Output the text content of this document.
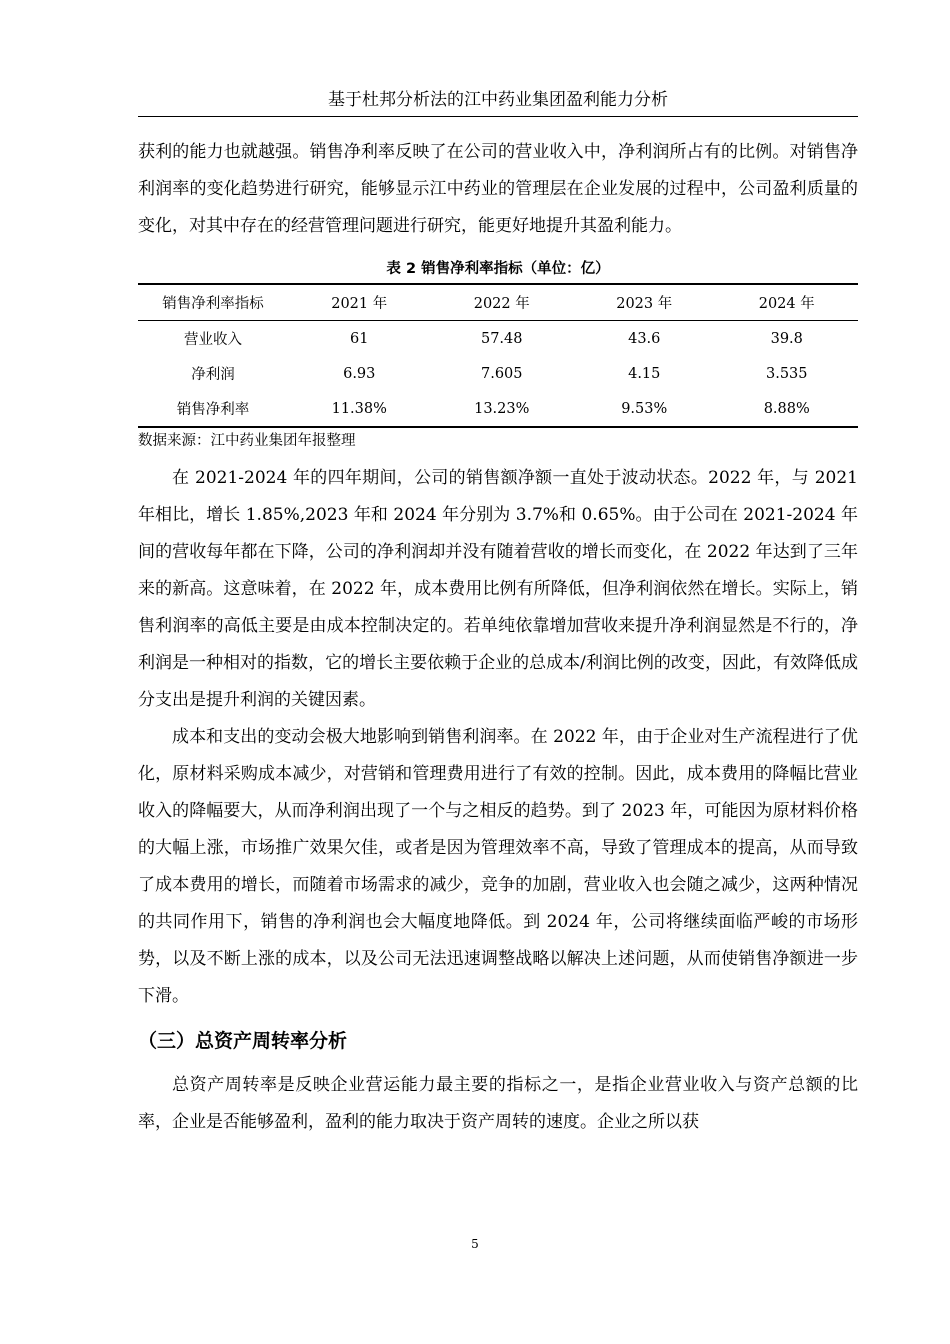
基于杜邦分析法的江中药业集团盈利能力分析

获利的能力也就越强。销售净利率反映了在公司的营业收入中，净利润所占有的比例。对销售净利润率的变化趋势进行研究，能够显示江中药业的管理层在企业发展的过程中，公司盈利质量的变化，对其中存在的经营管理问题进行研究，能更好地提升其盈利能力。

表 2 销售净利率指标（单位：亿）
销售净利率指标	2021 年	2022 年	2023 年	2024 年
营业收入	61	57.48	43.6	39.8
净利润	6.93	7.605	4.15	3.535
销售净利率	11.38%	13.23%	9.53%	8.88%
数据来源：江中药业集团年报整理

在 2021-2024 年的四年期间，公司的销售额净额一直处于波动状态。2022 年，与 2021 年相比，增长 1.85%,2023 年和 2024 年分别为 3.7%和 0.65%。由于公司在 2021-2024 年间的营收每年都在下降，公司的净利润却并没有随着营收的增长而变化，在 2022 年达到了三年来的新高。这意味着，在 2022 年，成本费用比例有所降低，但净利润依然在增长。实际上，销售利润率的高低主要是由成本控制决定的。若单纯依靠增加营收来提升净利润显然是不行的，净利润是一种相对的指数，它的增长主要依赖于企业的总成本/利润比例的改变，因此，有效降低成分支出是提升利润的关键因素。

成本和支出的变动会极大地影响到销售利润率。在 2022 年，由于企业对生产流程进行了优化，原材料采购成本减少，对营销和管理费用进行了有效的控制。因此，成本费用的降幅比营业收入的降幅要大，从而净利润出现了一个与之相反的趋势。到了 2023 年，可能因为原材料价格的大幅上涨，市场推广效果欠佳，或者是因为管理效率不高，导致了管理成本的提高，从而导致了成本费用的增长，而随着市场需求的减少，竞争的加剧，营业收入也会随之减少，这两种情况的共同作用下，销售的净利润也会大幅度地降低。到 2024 年，公司将继续面临严峻的市场形势，以及不断上涨的成本，以及公司无法迅速调整战略以解决上述问题，从而使销售净额进一步下滑。

（三）总资产周转率分析

总资产周转率是反映企业营运能力最主要的指标之一，是指企业营业收入与资产总额的比率，企业是否能够盈利，盈利的能力取决于资产周转的速度。企业之所以获

5
